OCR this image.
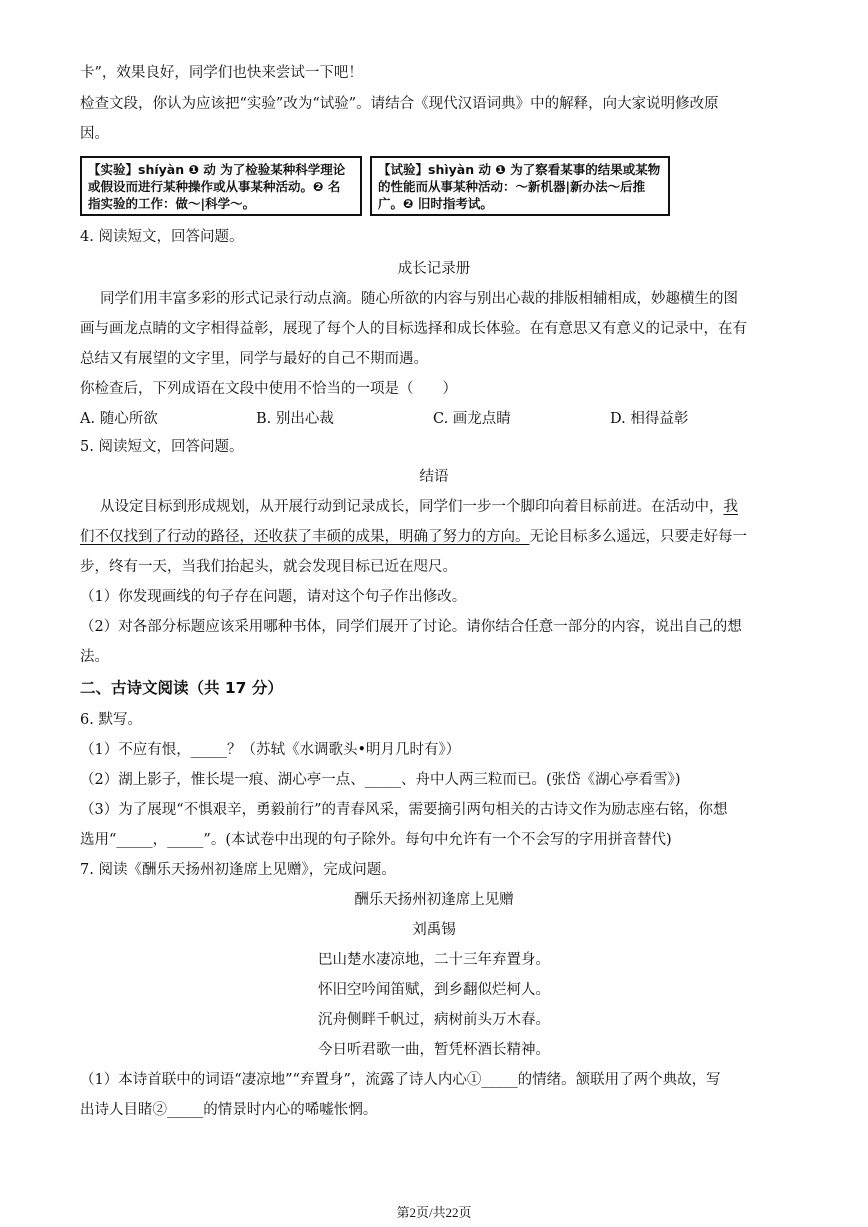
卡”，效果良好，同学们也快来尝试一下吧！
检查文段，你认为应该把“实验”改为“试验”。请结合《现代汉语词典》中的解释，向大家说明修改原
因。
【实验】shíyàn ❶ 动 为了检验某种科学理论或假设而进行某种操作或从事某种活动。❷ 名 指实验的工作：做～|科学～。
【试验】shìyàn 动 ❶ 为了察看某事的结果或某物的性能而从事某种活动：～新机器|新办法～后推广。❷ 旧时指考试。
4. 阅读短文，回答问题。
成长记录册
同学们用丰富多彩的形式记录行动点滴。随心所欲的内容与别出心裁的排版相辅相成，妙趣横生的图
画与画龙点睛的文字相得益彰，展现了每个人的目标选择和成长体验。在有意思又有意义的记录中，在有
总结又有展望的文字里，同学与最好的自己不期而遇。
你检查后，下列成语在文段中使用不恰当的一项是（　　）
A. 随心所欲	B. 别出心裁	C. 画龙点睛	D. 相得益彰
5. 阅读短文，回答问题。
结语
从设定目标到形成规划，从开展行动到记录成长，同学们一步一个脚印向着目标前进。在活动中，我
们不仅找到了行动的路径，还收获了丰硕的成果，明确了努力的方向。无论目标多么遥远，只要走好每一
步，终有一天，当我们抬起头，就会发现目标已近在咫尺。
（1）你发现画线的句子存在问题，请对这个句子作出修改。
（2）对各部分标题应该采用哪种书体，同学们展开了讨论。请你结合任意一部分的内容，说出自己的想
法。
二、古诗文阅读（共 17 分）
6. 默写。
（1）不应有恨，_____？（苏轼《水调歌头•明月几时有》）
（2）湖上影子，惟长堤一痕、湖心亭一点、_____、舟中人两三粒而已。(张岱《湖心亭看雪》)
（3）为了展现“不惧艰辛，勇毅前行”的青春风采，需要摘引两句相关的古诗文作为励志座右铭，你想
选用“_____，_____”。(本试卷中出现的句子除外。每句中允许有一个不会写的字用拼音替代)
7. 阅读《酬乐天扬州初逢席上见赠》，完成问题。
酬乐天扬州初逢席上见赠
刘禹锡
巴山楚水凄凉地，二十三年弃置身。
怀旧空吟闻笛赋，到乡翻似烂柯人。
沉舟侧畔千帆过，病树前头万木春。
今日听君歌一曲，暂凭杯酒长精神。
（1）本诗首联中的词语“凄凉地”“弃置身”，流露了诗人内心①_____的情绪。颔联用了两个典故，写
出诗人目睹②_____的情景时内心的唏嘘怅惘。
第2页/共22页
